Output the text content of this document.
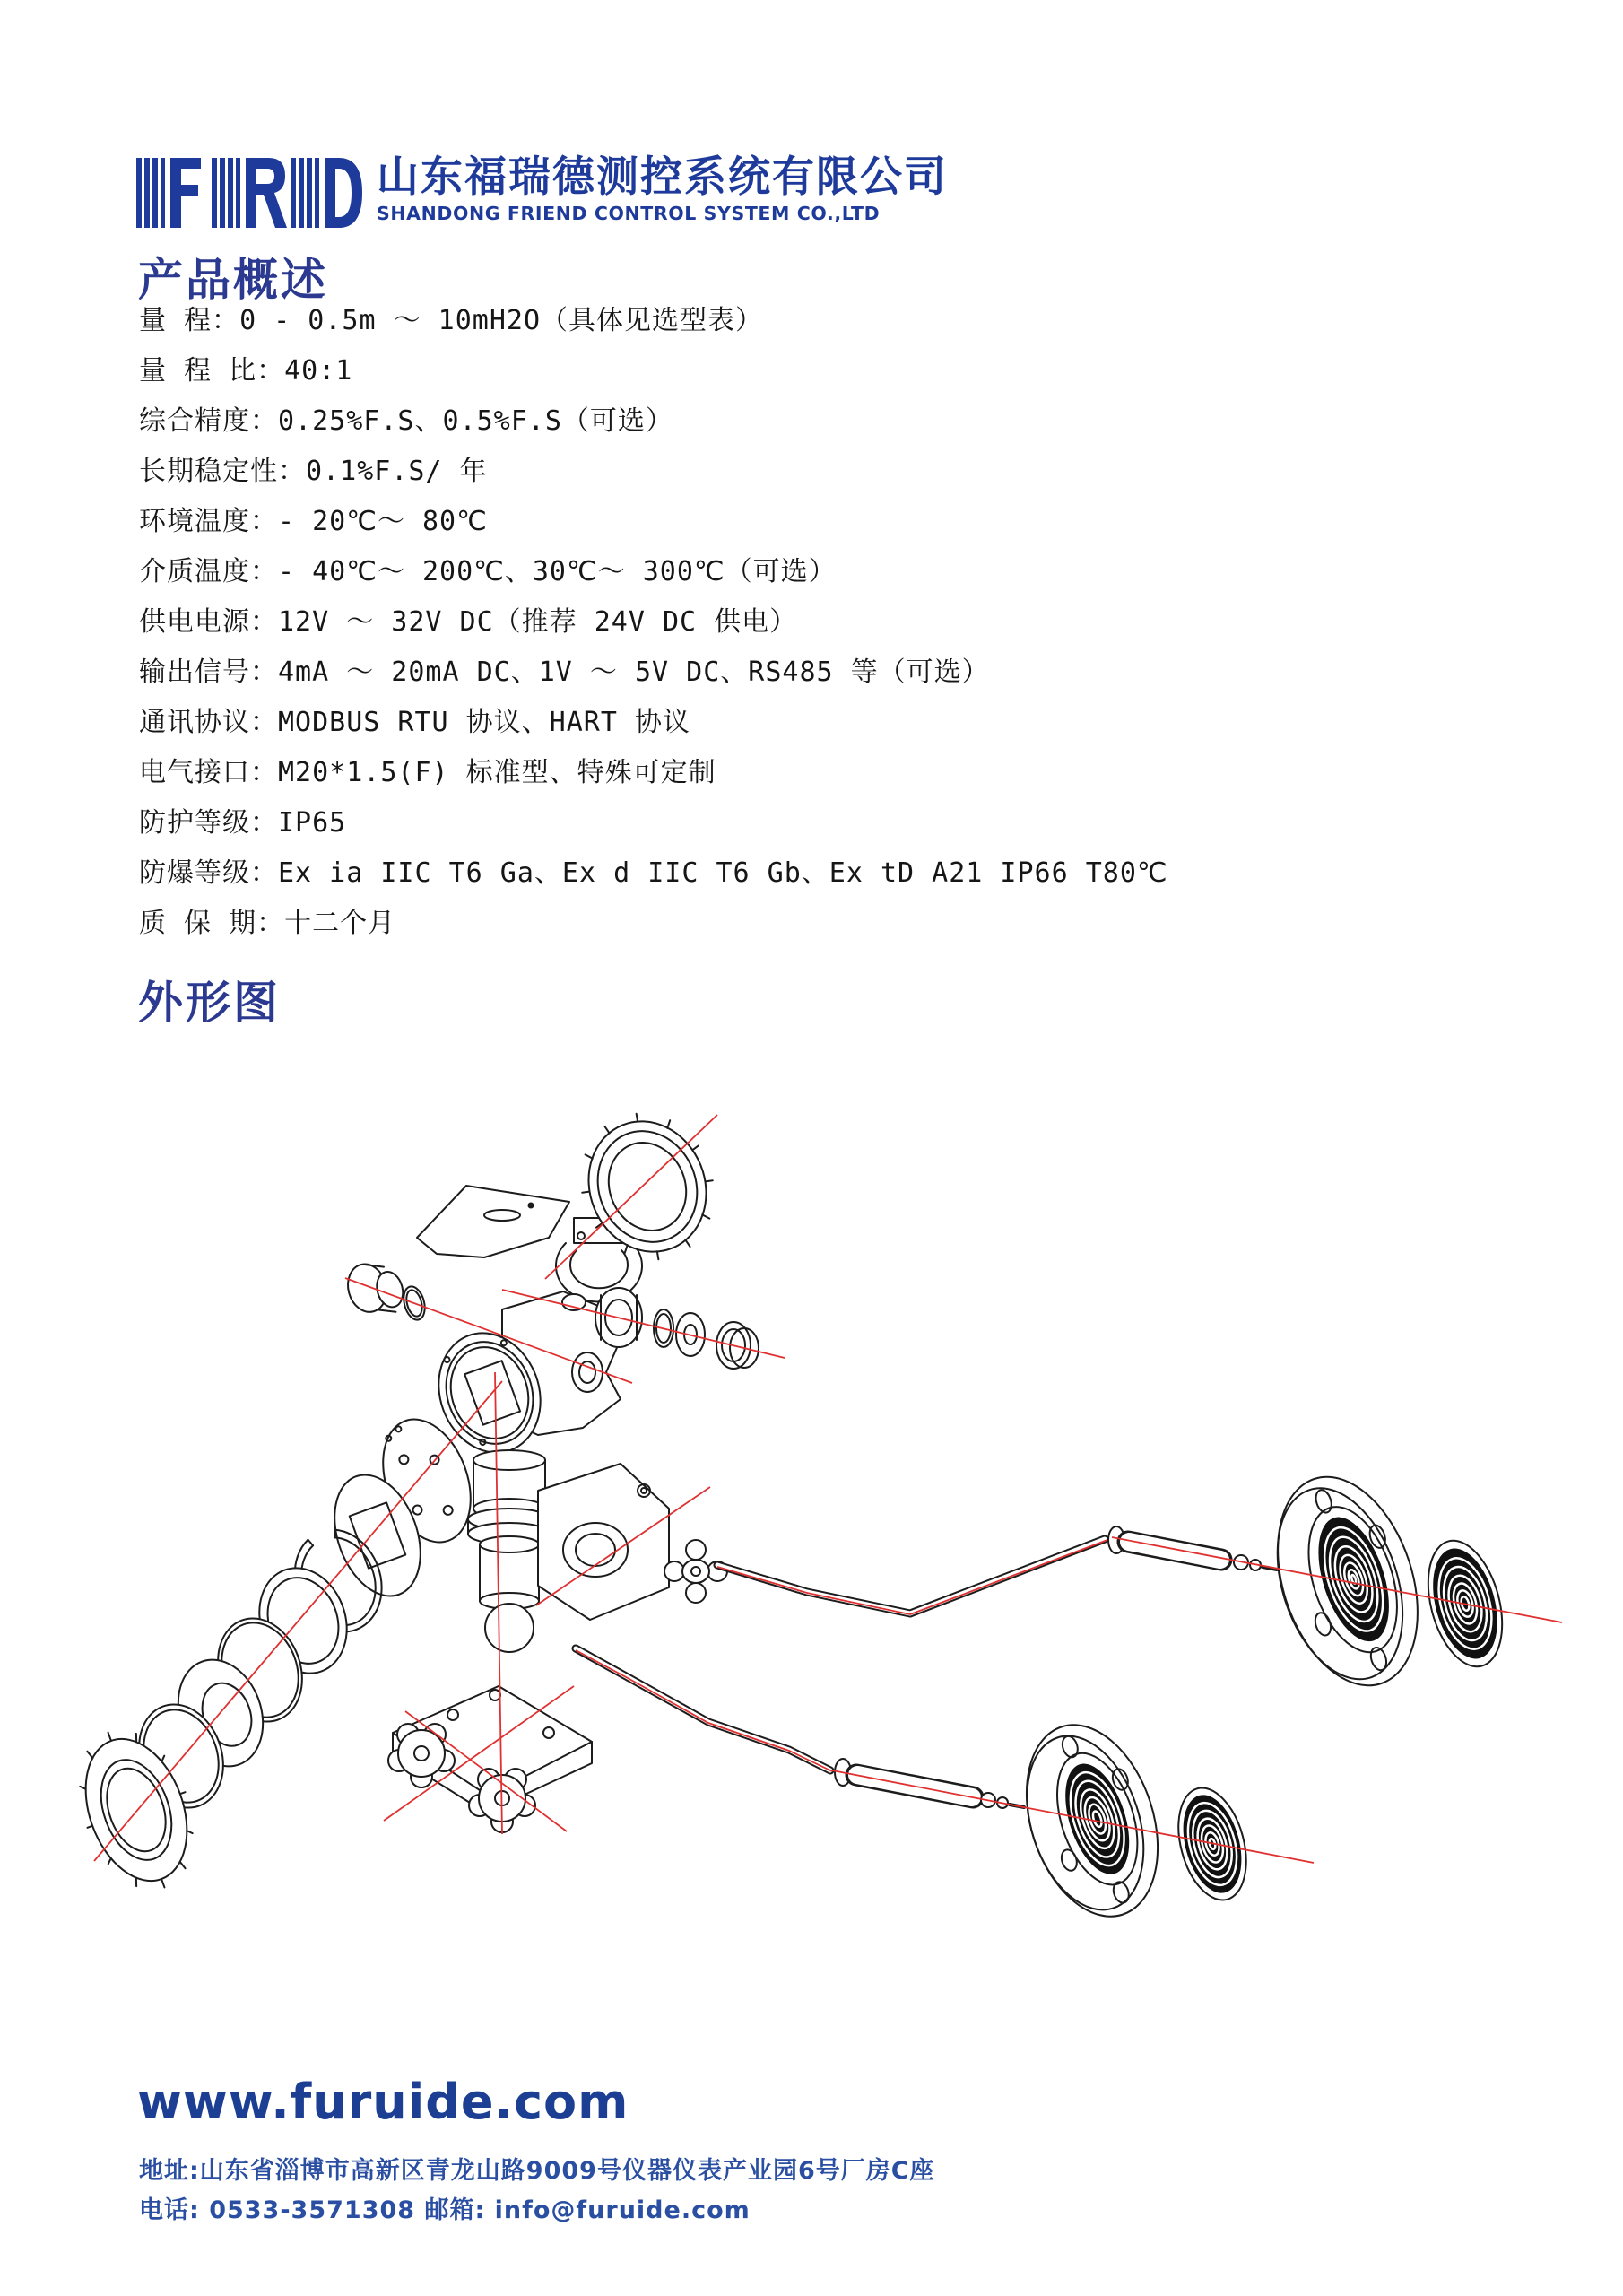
山东福瑞德测控系统有限公司
SHANDONG FRIEND CONTROL SYSTEM CO.,LTD
产品概述
量 程：0 - 0.5m ～ 10mH2O（具体见选型表）
量 程 比：40:1
综合精度：0.25%F.S、0.5%F.S（可选）
长期稳定性：0.1%F.S/ 年
环境温度：- 20℃～ 80℃
介质温度：- 40℃～ 200℃、30℃～ 300℃（可选）
供电电源：12V ～ 32V DC（推荐 24V DC 供电）
输出信号：4mA ～ 20mA DC、1V ～ 5V DC、RS485 等（可选）
通讯协议：MODBUS RTU 协议、HART 协议
电气接口：M20*1.5(F) 标准型、特殊可定制
防护等级：IP65
防爆等级：Ex ia IIC T6 Ga、Ex d IIC T6 Gb、Ex tD A21 IP66 T80℃
质 保 期：十二个月
外形图
www.furuide.com
地址:山东省淄博市高新区青龙山路9009号仪器仪表产业园6号厂房C座
电话: 0533-3571308 邮箱: info@furuide.com
